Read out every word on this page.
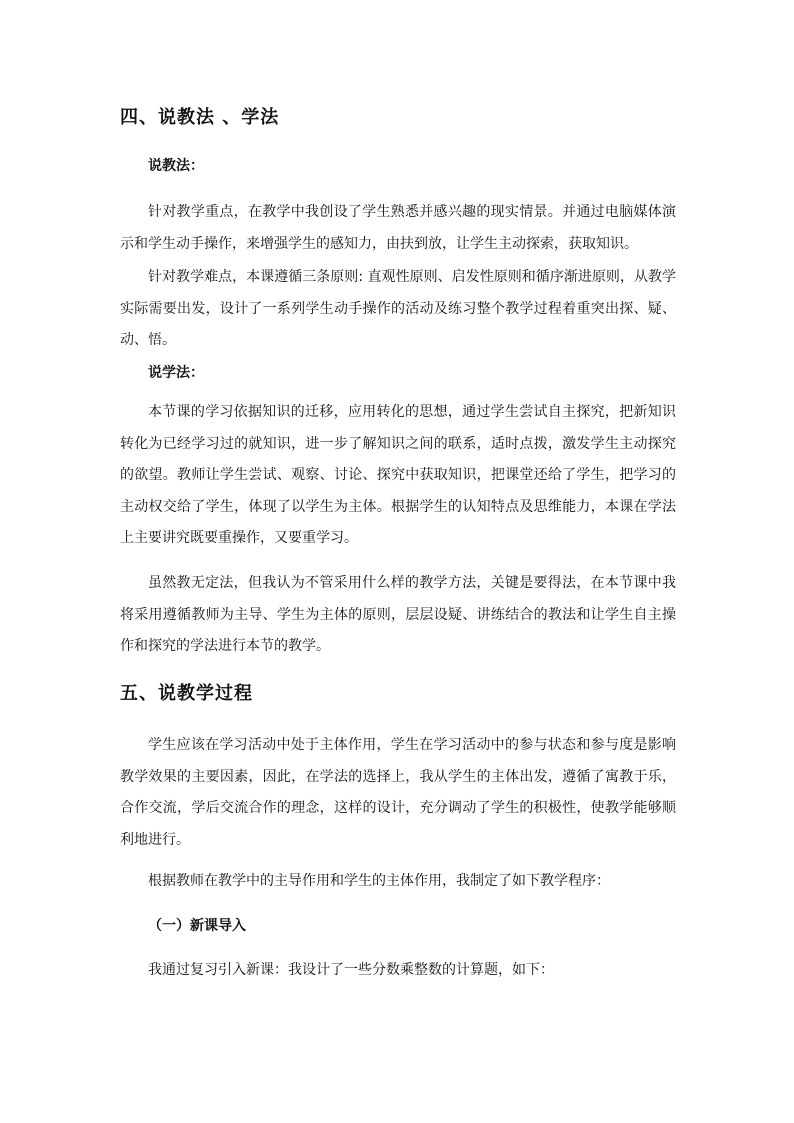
四、说教法 、学法
说教法：

针对教学重点，在教学中我创设了学生熟悉并感兴趣的现实情景。并通过电脑媒体演示和学生动手操作，来增强学生的感知力，由扶到放，让学生主动探索，获取知识。

针对教学难点，本课遵循三条原则: 直观性原则、启发性原则和循序渐进原则，从教学实际需要出发，设计了一系列学生动手操作的活动及练习整个教学过程着重突出探、疑、动、悟。

说学法：

本节课的学习依据知识的迁移，应用转化的思想，通过学生尝试自主探究，把新知识转化为已经学习过的就知识，进一步了解知识之间的联系，适时点拨，激发学生主动探究的欲望。教师让学生尝试、观察、讨论、探究中获取知识，把课堂还给了学生，把学习的主动权交给了学生，体现了以学生为主体。根据学生的认知特点及思维能力，本课在学法上主要讲究既要重操作，又要重学习。

虽然教无定法，但我认为不管采用什么样的教学方法，关键是要得法，在本节课中我将采用遵循教师为主导、学生为主体的原则，层层设疑、讲练结合的教法和让学生自主操作和探究的学法进行本节的教学。

五、说教学过程

学生应该在学习活动中处于主体作用，学生在学习活动中的参与状态和参与度是影响教学效果的主要因素，因此，在学法的选择上，我从学生的主体出发，遵循了寓教于乐，合作交流，学后交流合作的理念，这样的设计，充分调动了学生的积极性，使教学能够顺利地进行。

根据教师在教学中的主导作用和学生的主体作用，我制定了如下教学程序：

（一）新课导入

我通过复习引入新课：我设计了一些分数乘整数的计算题，如下：
